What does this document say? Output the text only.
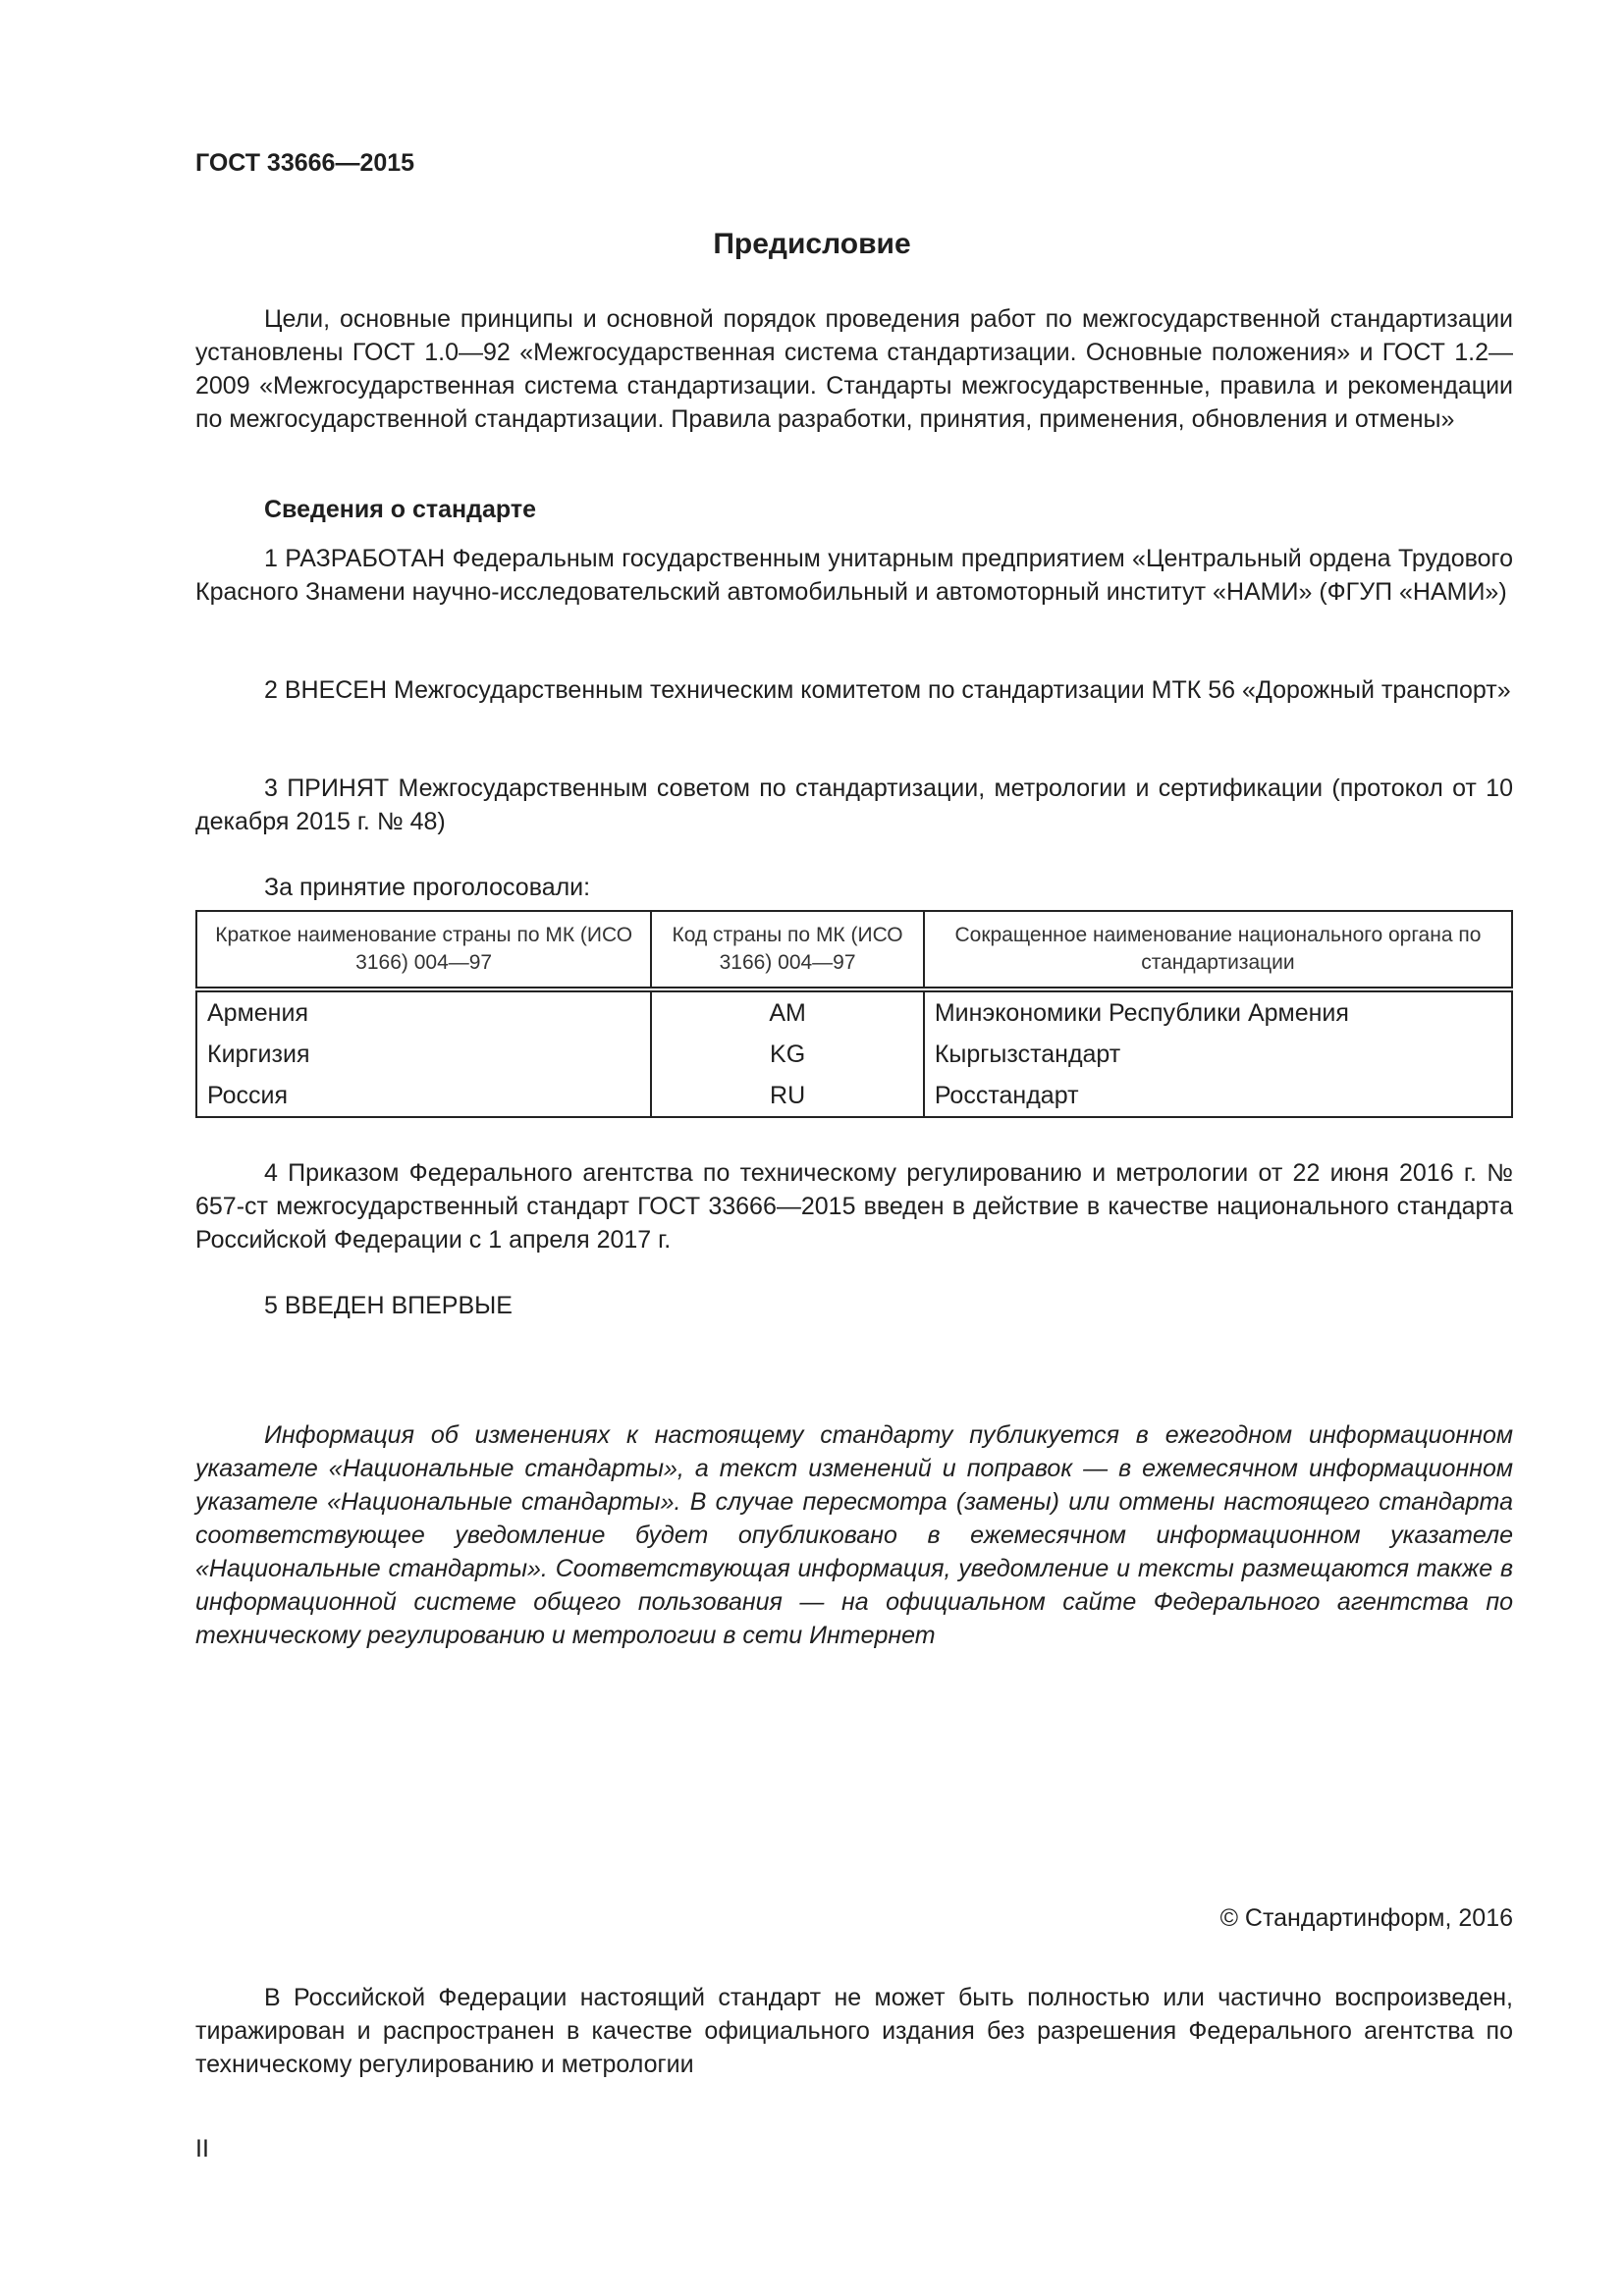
ГОСТ 33666—2015
Предисловие

Цели, основные принципы и основной порядок проведения работ по межгосударственной стандартизации установлены ГОСТ 1.0—92 «Межгосударственная система стандартизации. Основные положения» и ГОСТ 1.2—2009 «Межгосударственная система стандартизации. Стандарты межгосударственные, правила и рекомендации по межгосударственной стандартизации. Правила разработки, принятия, применения, обновления и отмены»

Сведения о стандарте

1 РАЗРАБОТАН Федеральным государственным унитарным предприятием «Центральный ордена Трудового Красного Знамени научно-исследовательский автомобильный и автомоторный институт «НАМИ» (ФГУП «НАМИ»)

2 ВНЕСЕН Межгосударственным техническим комитетом по стандартизации МТК 56 «Дорожный транспорт»

3 ПРИНЯТ Межгосударственным советом по стандартизации, метрологии и сертификации (протокол от 10 декабря 2015 г. № 48)

За принятие проголосовали:
Краткое наименование страны по МК (ИСО 3166) 004—97	Код страны по МК (ИСО 3166) 004—97	Сокращенное наименование национального органа по стандартизации
Армения	AM	Минэкономики Республики Армения
Киргизия	KG	Кыргызстандарт
Россия	RU	Росстандарт

4 Приказом Федерального агентства по техническому регулированию и метрологии от 22 июня 2016 г. № 657-ст межгосударственный стандарт ГОСТ 33666—2015 введен в действие в качестве национального стандарта Российской Федерации с 1 апреля 2017 г.

5 ВВЕДЕН ВПЕРВЫЕ

Информация об изменениях к настоящему стандарту публикуется в ежегодном информационном указателе «Национальные стандарты», а текст изменений и поправок — в ежемесячном информационном указателе «Национальные стандарты». В случае пересмотра (замены) или отмены настоящего стандарта соответствующее уведомление будет опубликовано в ежемесячном информационном указателе «Национальные стандарты». Соответствующая информация, уведомление и тексты размещаются также в информационной системе общего пользования — на официальном сайте Федерального агентства по техническому регулированию и метрологии в сети Интернет

© Стандартинформ, 2016

В Российской Федерации настоящий стандарт не может быть полностью или частично воспроизведен, тиражирован и распространен в качестве официального издания без разрешения Федерального агентства по техническому регулированию и метрологии

II
